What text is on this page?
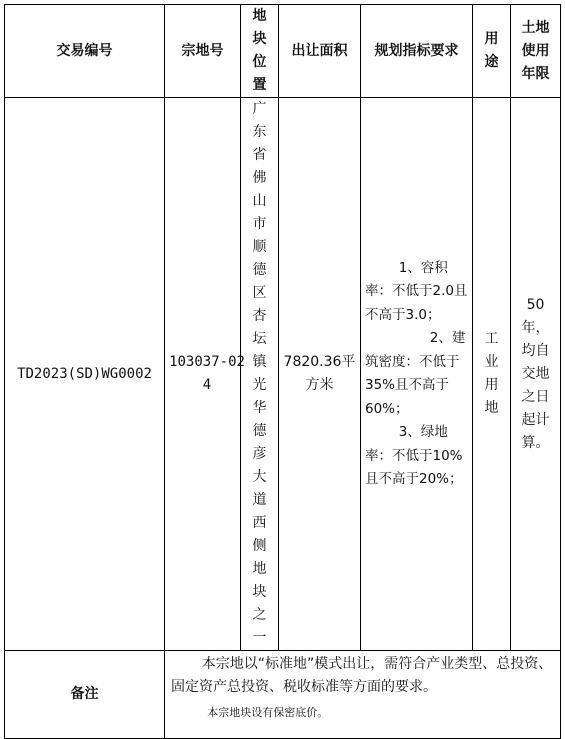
交易编号	宗地号	地块位置	出让面积	规划指标要求	用途	土地使用年限

TD2023(SD)WG0002	103037-024	广东省佛山市顺德区杏坛镇光华德彦大道西侧地块之一	7820.36平方米	1、容积率：不低于2.0且不高于3.0；
2、建筑密度：不低于35%且不高于60%；
3、绿地率：不低于10%且不高于20%；	工业用地	50年，均自交地之日起计算。

备注	本宗地以“标准地”模式出让，需符合产业类型、总投资、固定资产总投资、税收标准等方面的要求。
本宗地块设有保密底价。					
